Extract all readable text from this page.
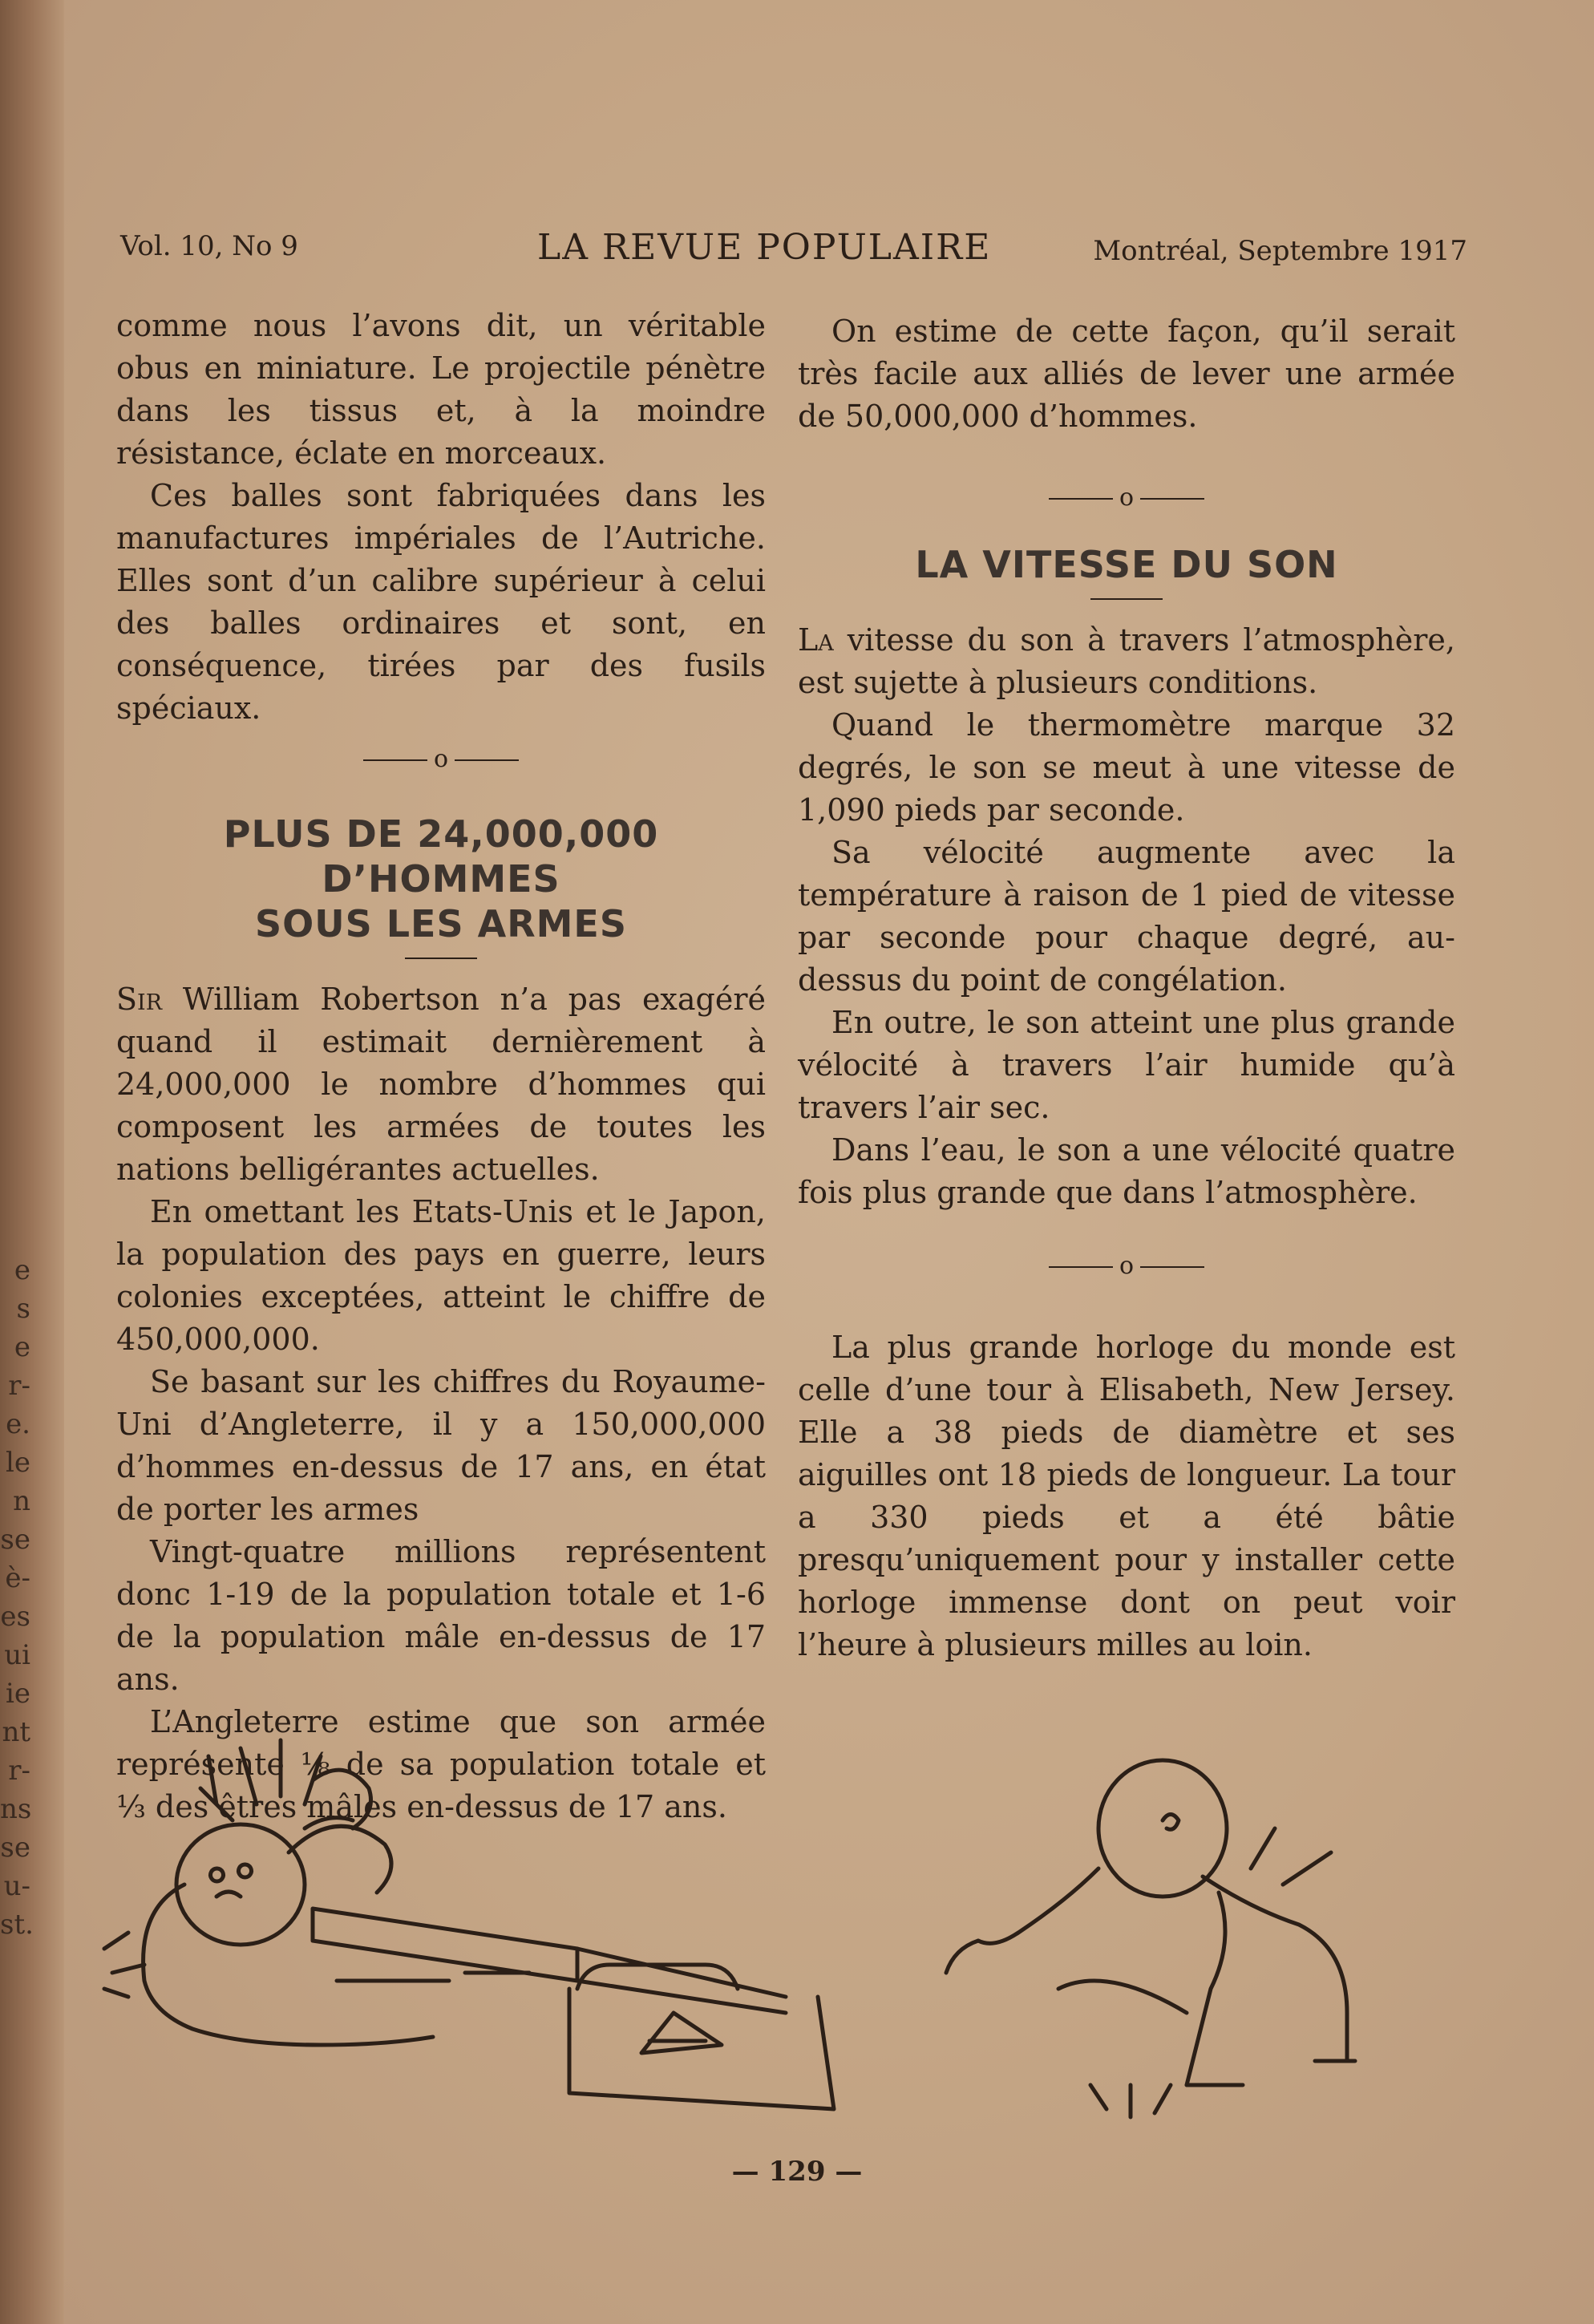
e
s
e
r-
e.
le
n
se
è-
es
ui
ie
nt
r-
ns
se
u-
st.
Vol. 10, No 9	LA REVUE POPULAIRE	Montréal, Septembre 1917

comme nous l’avons dit, un véritable obus en miniature. Le projectile pénètre dans les tissus et, à la moindre résistance, éclate en morceaux.

Ces balles sont fabriquées dans les manufactures impériales de l’Autriche. Elles sont d’un calibre supérieur à celui des balles ordinaires et sont, en conséquence, tirées par des fusils spéciaux.

o
PLUS DE 24,000,000 D’HOMMES
SOUS LES ARMES

Sir William Robertson n’a pas exagéré quand il estimait dernièrement à 24,000,000 le nombre d’hommes qui composent les armées de toutes les nations belligérantes actuelles.

En omettant les Etats-Unis et le Japon, la population des pays en guerre, leurs colonies exceptées, atteint le chiffre de 450,000,000.

Se basant sur les chiffres du Royaume-Uni d’Angleterre, il y a 150,000,000 d’hommes en-dessus de 17 ans, en état de porter les armes

Vingt-quatre millions représentent donc 1-19 de la population totale et 1-6 de la population mâle en-dessus de 17 ans.

L’Angleterre estime que son armée représente ⅛ de sa population totale et ⅓ des êtres mâles en-dessus de 17 ans.

On estime de cette façon, qu’il serait très facile aux alliés de lever une armée de 50,000,000 d’hommes.

o
LA VITESSE DU SON

La vitesse du son à travers l’atmosphère, est sujette à plusieurs conditions.

Quand le thermomètre marque 32 degrés, le son se meut à une vitesse de 1,090 pieds par seconde.

Sa vélocité augmente avec la température à raison de 1 pied de vitesse par seconde pour chaque degré, au-dessus du point de congélation.

En outre, le son atteint une plus grande vélocité à travers l’air humide qu’à travers l’air sec.

Dans l’eau, le son a une vélocité quatre fois plus grande que dans l’atmosphère.

o

La plus grande horloge du monde est celle d’une tour à Elisabeth, New Jersey. Elle a 38 pieds de diamètre et ses aiguilles ont 18 pieds de longueur. La tour a 330 pieds et a été bâtie presqu’uniquement pour y installer cette horloge immense dont on peut voir l’heure à plusieurs milles au loin.

— 129 —
